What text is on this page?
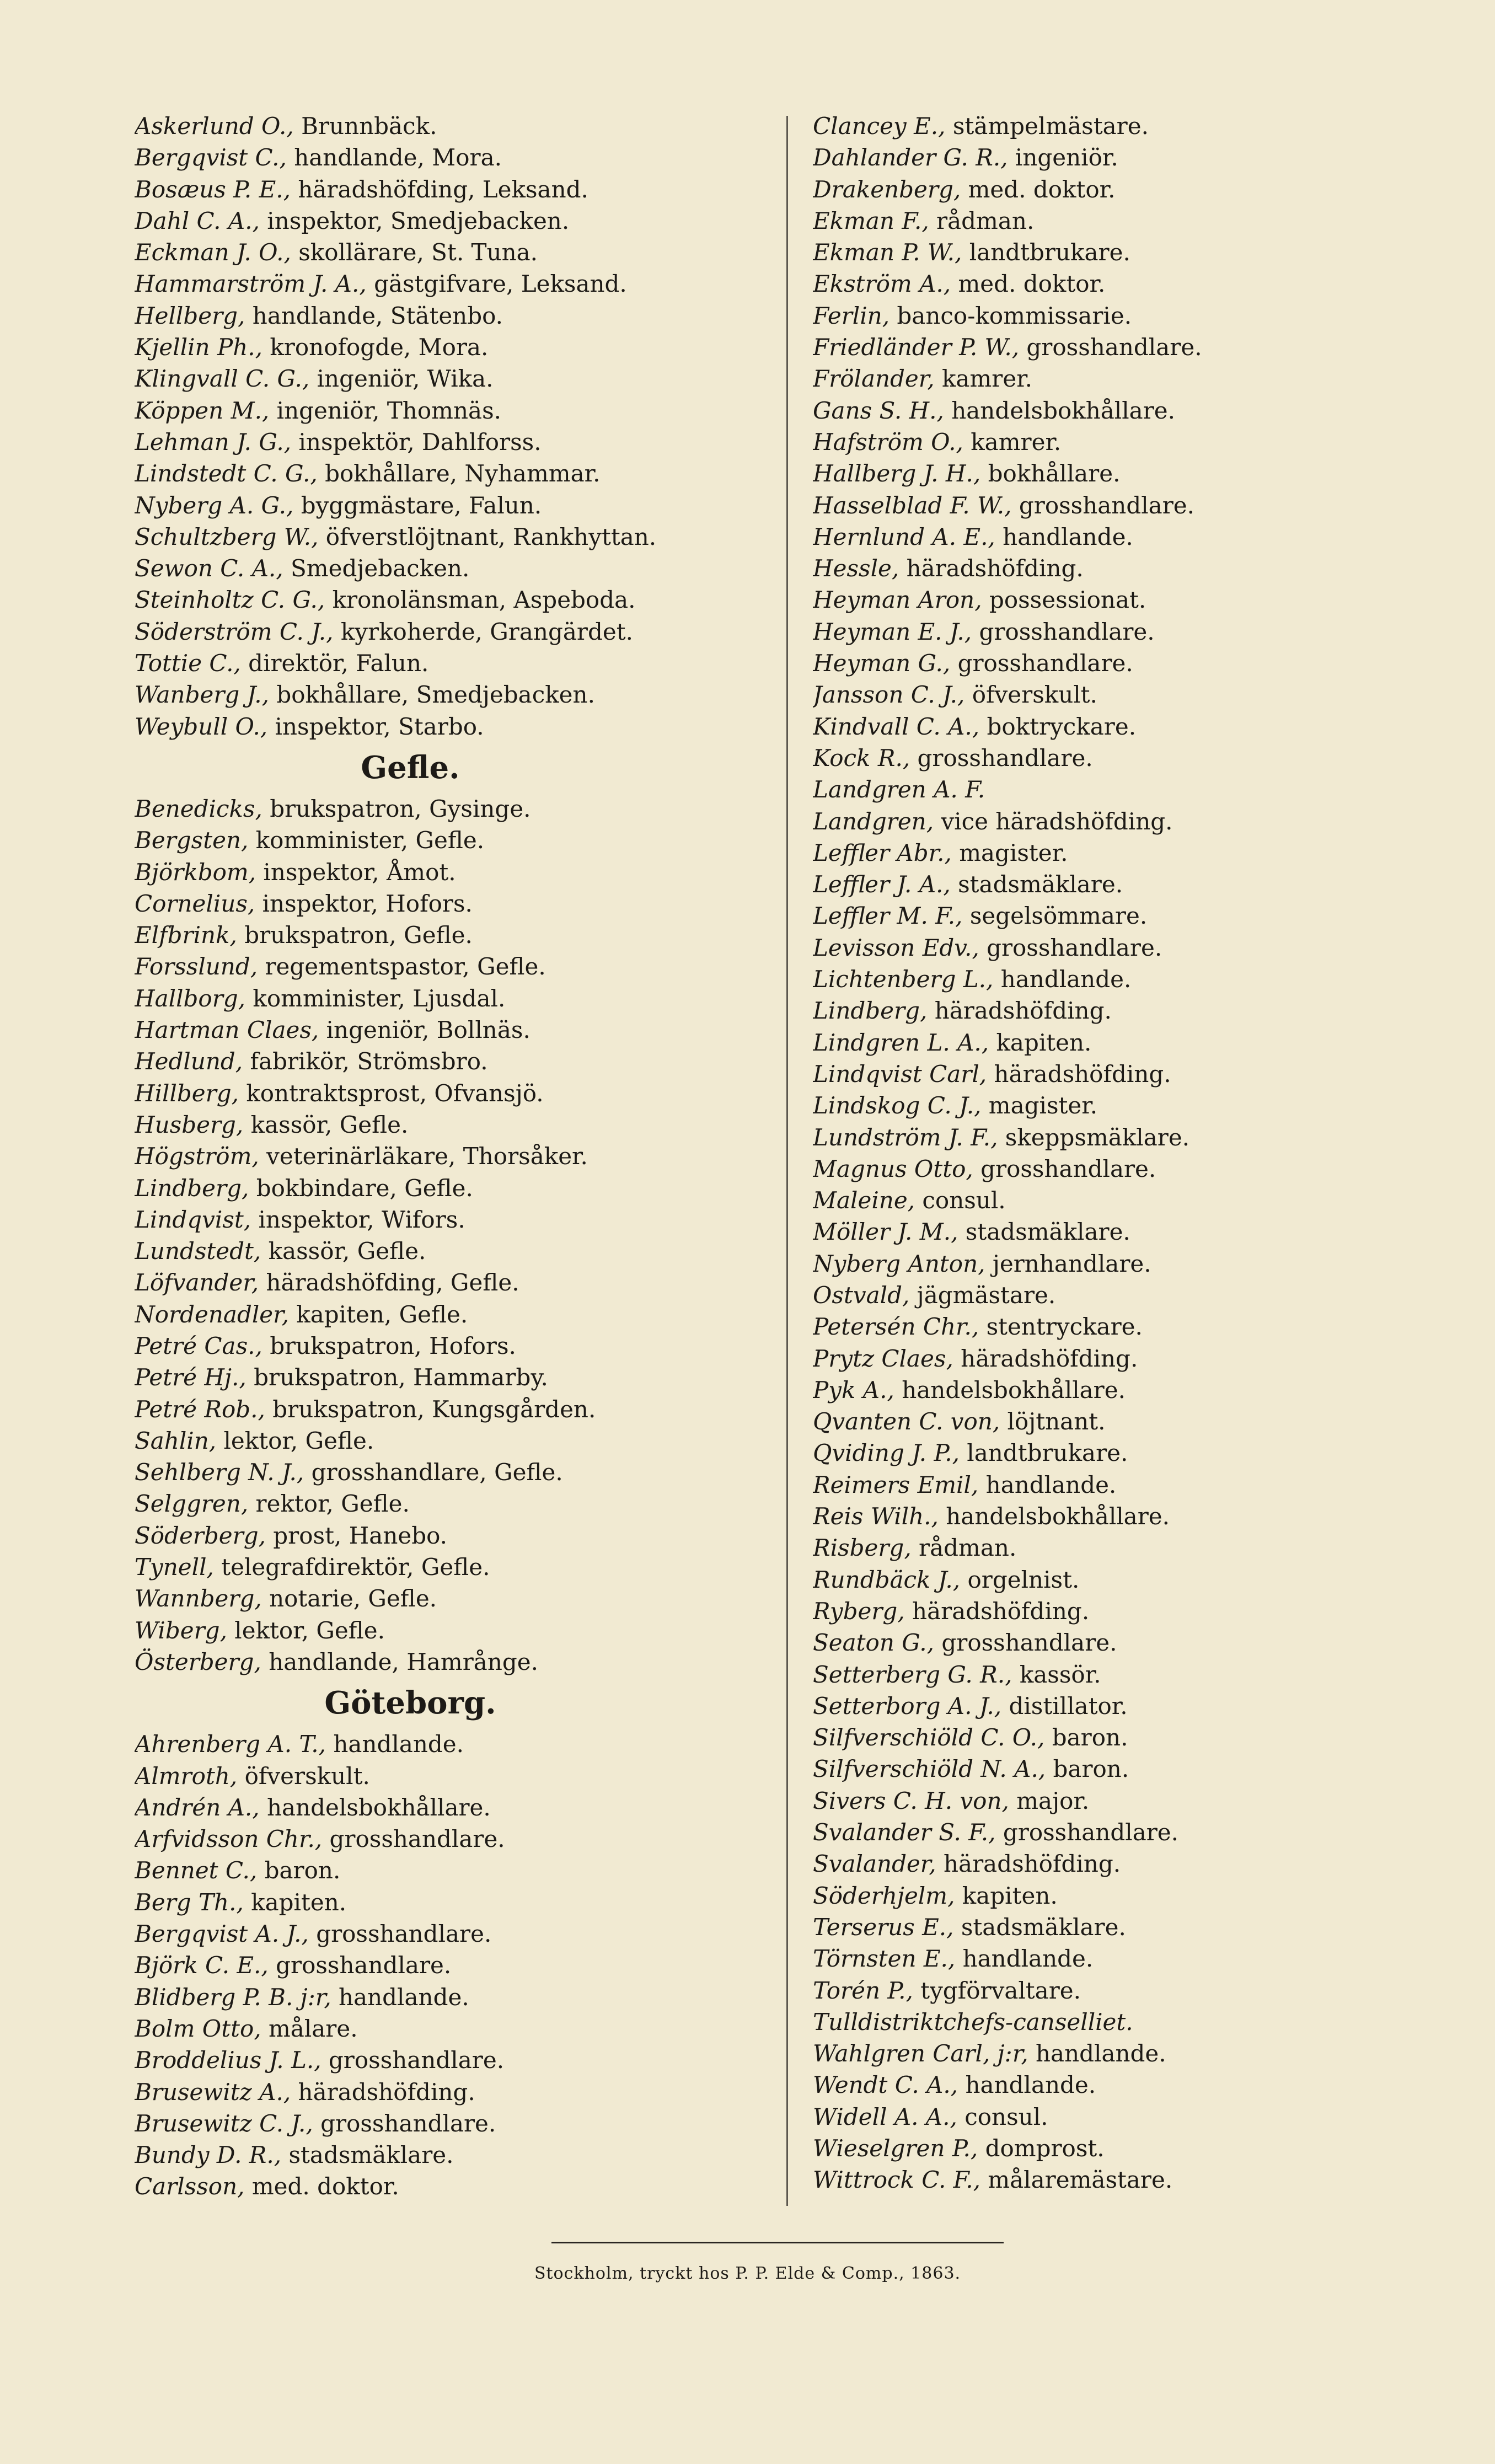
Askerlund O., Brunnbäck.
Bergqvist C., handlande, Mora.
Bosæus P. E., häradshöfding, Leksand.
Dahl C. A., inspektor, Smedjebacken.
Eckman J. O., skollärare, St. Tuna.
Hammarström J. A., gästgifvare, Leksand.
Hellberg, handlande, Stätenbo.
Kjellin Ph., kronofogde, Mora.
Klingvall C. G., ingeniör, Wika.
Köppen M., ingeniör, Thomnäs.
Lehman J. G., inspektör, Dahlforss.
Lindstedt C. G., bokhållare, Nyhammar.
Nyberg A. G., byggmästare, Falun.
Schultzberg W., öfverstlöjtnant, Rankhyttan.
Sewon C. A., Smedjebacken.
Steinholtz C. G., kronolänsman, Aspeboda.
Söderström C. J., kyrkoherde, Grangärdet.
Tottie C., direktör, Falun.
Wanberg J., bokhållare, Smedjebacken.
Weybull O., inspektor, Starbo.
Gefle.
Benedicks, brukspatron, Gysinge.
Bergsten, komminister, Gefle.
Björkbom, inspektor, Åmot.
Cornelius, inspektor, Hofors.
Elfbrink, brukspatron, Gefle.
Forsslund, regementspastor, Gefle.
Hallborg, komminister, Ljusdal.
Hartman Claes, ingeniör, Bollnäs.
Hedlund, fabrikör, Strömsbro.
Hillberg, kontraktsprost, Ofvansjö.
Husberg, kassör, Gefle.
Högström, veterinärläkare, Thorsåker.
Lindberg, bokbindare, Gefle.
Lindqvist, inspektor, Wifors.
Lundstedt, kassör, Gefle.
Löfvander, häradshöfding, Gefle.
Nordenadler, kapiten, Gefle.
Petré Cas., brukspatron, Hofors.
Petré Hj., brukspatron, Hammarby.
Petré Rob., brukspatron, Kungsgården.
Sahlin, lektor, Gefle.
Sehlberg N. J., grosshandlare, Gefle.
Selggren, rektor, Gefle.
Söderberg, prost, Hanebo.
Tynell, telegrafdirektör, Gefle.
Wannberg, notarie, Gefle.
Wiberg, lektor, Gefle.
Österberg, handlande, Hamrånge.
Göteborg.
Ahrenberg A. T., handlande.
Almroth, öfverskult.
Andrén A., handelsbokhållare.
Arfvidsson Chr., grosshandlare.
Bennet C., baron.
Berg Th., kapiten.
Bergqvist A. J., grosshandlare.
Björk C. E., grosshandlare.
Blidberg P. B. j:r, handlande.
Bolm Otto, målare.
Broddelius J. L., grosshandlare.
Brusewitz A., häradshöfding.
Brusewitz C. J., grosshandlare.
Bundy D. R., stadsmäklare.
Carlsson, med. doktor.
Clancey E., stämpelmästare.
Dahlander G. R., ingeniör.
Drakenberg, med. doktor.
Ekman F., rådman.
Ekman P. W., landtbrukare.
Ekström A., med. doktor.
Ferlin, banco-kommissarie.
Friedländer P. W., grosshandlare.
Frölander, kamrer.
Gans S. H., handelsbokhållare.
Hafström O., kamrer.
Hallberg J. H., bokhållare.
Hasselblad F. W., grosshandlare.
Hernlund A. E., handlande.
Hessle, häradshöfding.
Heyman Aron, possessionat.
Heyman E. J., grosshandlare.
Heyman G., grosshandlare.
Jansson C. J., öfverskult.
Kindvall C. A., boktryckare.
Kock R., grosshandlare.
Landgren A. F.
Landgren, vice häradshöfding.
Leffler Abr., magister.
Leffler J. A., stadsmäklare.
Leffler M. F., segelsömmare.
Levisson Edv., grosshandlare.
Lichtenberg L., handlande.
Lindberg, häradshöfding.
Lindgren L. A., kapiten.
Lindqvist Carl, häradshöfding.
Lindskog C. J., magister.
Lundström J. F., skeppsmäklare.
Magnus Otto, grosshandlare.
Maleine, consul.
Möller J. M., stadsmäklare.
Nyberg Anton, jernhandlare.
Ostvald, jägmästare.
Petersén Chr., stentryckare.
Prytz Claes, häradshöfding.
Pyk A., handelsbokhållare.
Qvanten C. von, löjtnant.
Qviding J. P., landtbrukare.
Reimers Emil, handlande.
Reis Wilh., handelsbokhållare.
Risberg, rådman.
Rundbäck J., orgelnist.
Ryberg, häradshöfding.
Seaton G., grosshandlare.
Setterberg G. R., kassör.
Setterborg A. J., distillator.
Silfverschiöld C. O., baron.
Silfverschiöld N. A., baron.
Sivers C. H. von, major.
Svalander S. F., grosshandlare.
Svalander, häradshöfding.
Söderhjelm, kapiten.
Terserus E., stadsmäklare.
Törnsten E., handlande.
Torén P., tygförvaltare.
Tulldistriktchefs-canselliet.
Wahlgren Carl, j:r, handlande.
Wendt C. A., handlande.
Widell A. A., consul.
Wieselgren P., domprost.
Wittrock C. F., målaremästare.
Stockholm, tryckt hos P. P. Elde & Comp., 1863.
